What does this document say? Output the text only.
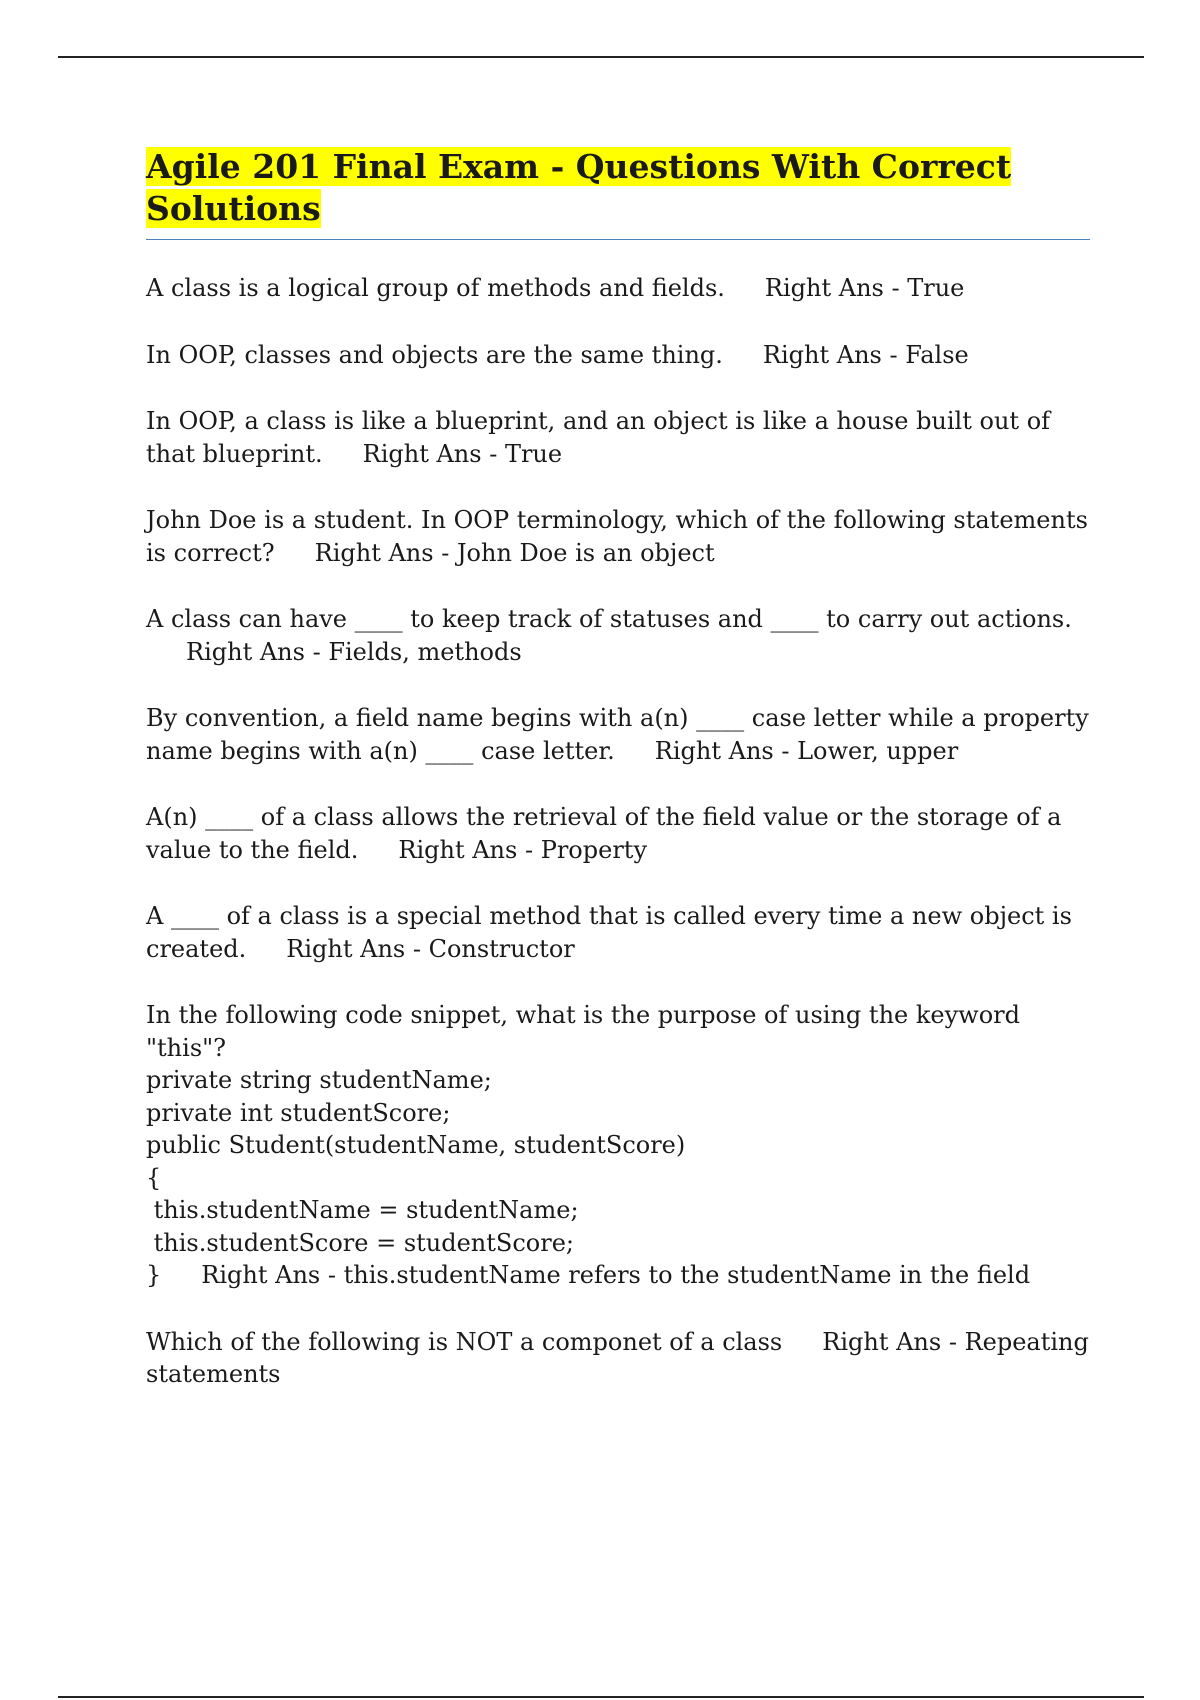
Agile 201 Final Exam - Questions With Correct Solutions

A class is a logical group of methods and fields. Right Ans - True

In OOP, classes and objects are the same thing. Right Ans - False

In OOP, a class is like a blueprint, and an object is like a house built out of that blueprint. Right Ans - True

John Doe is a student. In OOP terminology, which of the following statements is correct? Right Ans - John Doe is an object

A class can have ____ to keep track of statuses and ____ to carry out actions.Right Ans - Fields, methods

By convention, a field name begins with a(n) ____ case letter while a property name begins with a(n) ____ case letter. Right Ans - Lower, upper

A(n) ____ of a class allows the retrieval of the field value or the storage of a value to the field. Right Ans - Property

A ____ of a class is a special method that is called every time a new object is created. Right Ans - Constructor

In the following code snippet, what is the purpose of using the keyword "this"?
private string studentName;
private int studentScore;
public Student(studentName, studentScore)
{
this.studentName = studentName;
this.studentScore = studentScore;
} Right Ans - this.studentName refers to the studentName in the field

Which of the following is NOT a componet of a class Right Ans - Repeating statements
